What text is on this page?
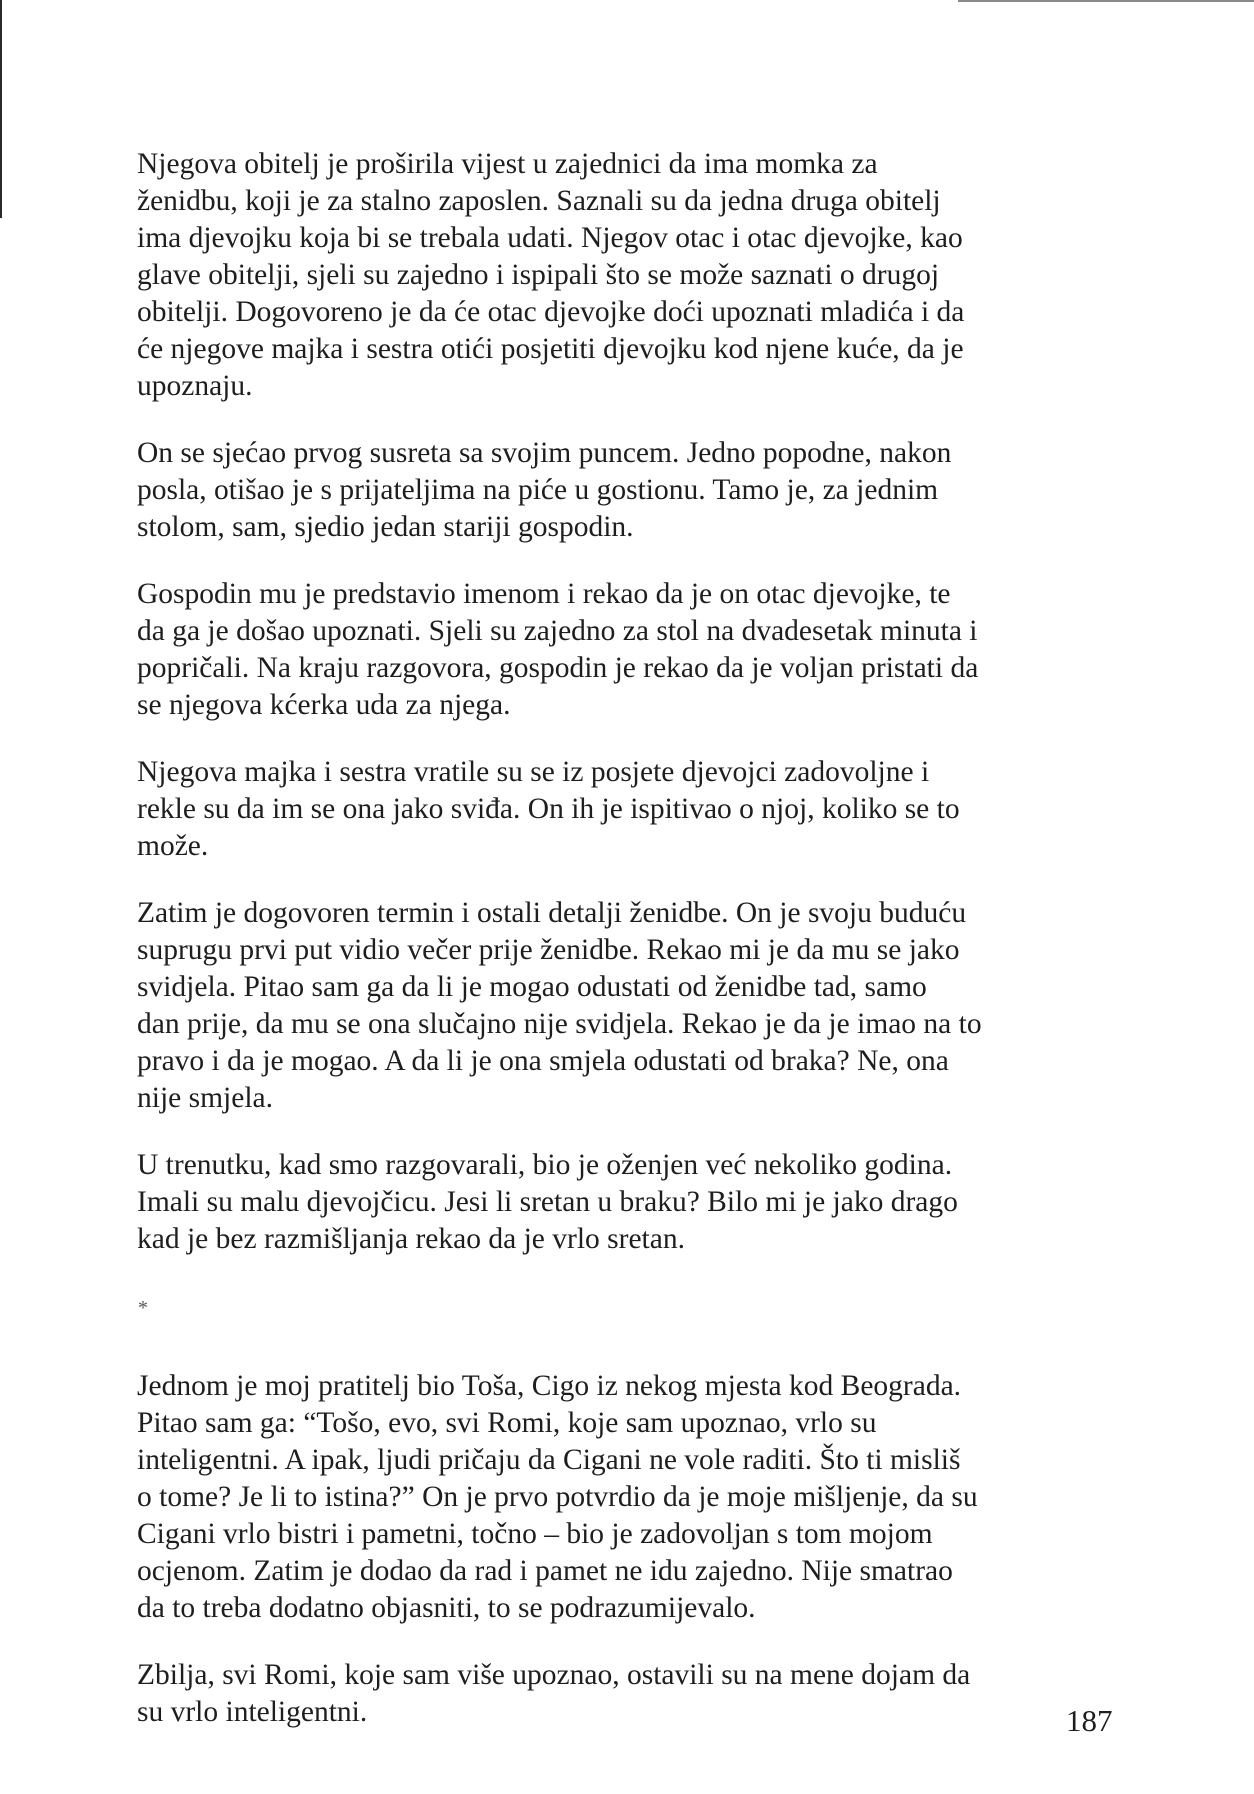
Njegova obitelj je proširila vijest u zajednici da ima momka za
ženidbu, koji je za stalno zaposlen. Saznali su da jedna druga obitelj
ima djevojku koja bi se trebala udati. Njegov otac i otac djevojke, kao
glave obitelji, sjeli su zajedno i ispipali što se može saznati o drugoj
obitelji. Dogovoreno je da će otac djevojke doći upoznati mladića i da
će njegove majka i sestra otići posjetiti djevojku kod njene kuće, da je
upoznaju.

On se sjećao prvog susreta sa svojim puncem. Jedno popodne, nakon
posla, otišao je s prijateljima na piće u gostionu. Tamo je, za jednim
stolom, sam, sjedio jedan stariji gospodin.

Gospodin mu je predstavio imenom i rekao da je on otac djevojke, te
da ga je došao upoznati. Sjeli su zajedno za stol na dvadesetak minuta i
popričali. Na kraju razgovora, gospodin je rekao da je voljan pristati da
se njegova kćerka uda za njega.

Njegova majka i sestra vratile su se iz posjete djevojci zadovoljne i
rekle su da im se ona jako sviđa. On ih je ispitivao o njoj, koliko se to
može.

Zatim je dogovoren termin i ostali detalji ženidbe. On je svoju buduću
suprugu prvi put vidio večer prije ženidbe. Rekao mi je da mu se jako
svidjela. Pitao sam ga da li je mogao odustati od ženidbe tad, samo
dan prije, da mu se ona slučajno nije svidjela. Rekao je da je imao na to
pravo i da je mogao. A da li je ona smjela odustati od braka? Ne, ona
nije smjela.

U trenutku, kad smo razgovarali, bio je oženjen već nekoliko godina.
Imali su malu djevojčicu. Jesi li sretan u braku? Bilo mi je jako drago
kad je bez razmišljanja rekao da je vrlo sretan.

*

Jednom je moj pratitelj bio Toša, Cigo iz nekog mjesta kod Beograda.
Pitao sam ga: “Tošo, evo, svi Romi, koje sam upoznao, vrlo su
inteligentni. A ipak, ljudi pričaju da Cigani ne vole raditi. Što ti misliš
o tome? Je li to istina?” On je prvo potvrdio da je moje mišljenje, da su
Cigani vrlo bistri i pametni, točno – bio je zadovoljan s tom mojom
ocjenom. Zatim je dodao da rad i pamet ne idu zajedno. Nije smatrao
da to treba dodatno objasniti, to se podrazumijevalo.

Zbilja, svi Romi, koje sam više upoznao, ostavili su na mene dojam da
su vrlo inteligentni.	187
